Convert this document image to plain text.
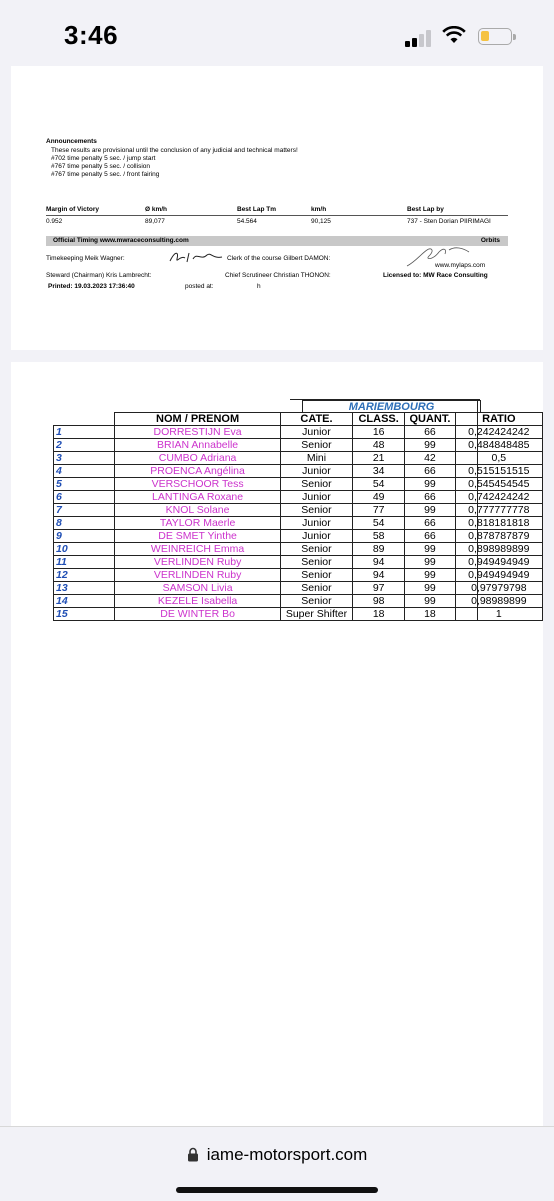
3:46
Announcements
These results are provisional until the conclusion of any judicial and technical matters!
#702 time penalty 5 sec. / jump start
#767 time penalty 5 sec. / collision
#767 time penalty 5 sec. / front fairing
Margin of Victory	Ø km/h	Best Lap Tm	km/h	Best Lap by
0.952	89,077	54.564	90,125	737 - Sten Dorian PIIRIMAGI
Official Timing www.mwraceconsulting.com	Orbits
Timekeeping Meik Wagner:	Clerk of the course Gilbert DAMON:
www.mylaps.com
Steward (Chairman) Kris Lambrecht:	Chief Scrutineer Christian THONON:	Licensed to: MW Race Consulting
Printed: 19.03.2023 17:36:40	posted at:	h
MARIEMBOURG
	NOM / PRENOM	CATE.	CLASS.	QUANT.	RATIO
1	DORRESTIJN Eva	Junior	16	66	0,242424242
2	BRIAN Annabelle	Senior	48	99	0,484848485
3	CUMBO Adriana	Mini	21	42	0,5
4	PROENCA Angélina	Junior	34	66	0,515151515
5	VERSCHOOR Tess	Senior	54	99	0,545454545
6	LANTINGA Roxane	Junior	49	66	0,742424242
7	KNOL Solane	Senior	77	99	0,777777778
8	TAYLOR Maerle	Junior	54	66	0,818181818
9	DE SMET Yinthe	Junior	58	66	0,878787879
10	WEINREICH Emma	Senior	89	99	0,898989899
11	VERLINDEN Ruby	Senior	94	99	0,949494949
12	VERLINDEN Ruby	Senior	94	99	0,949494949
13	SAMSON Livia	Senior	97	99	0,97979798
14	KEZELE Isabella	Senior	98	99	0,98989899
15	DE WINTER Bo	Super Shifter	18	18	1
iame-motorsport.com
